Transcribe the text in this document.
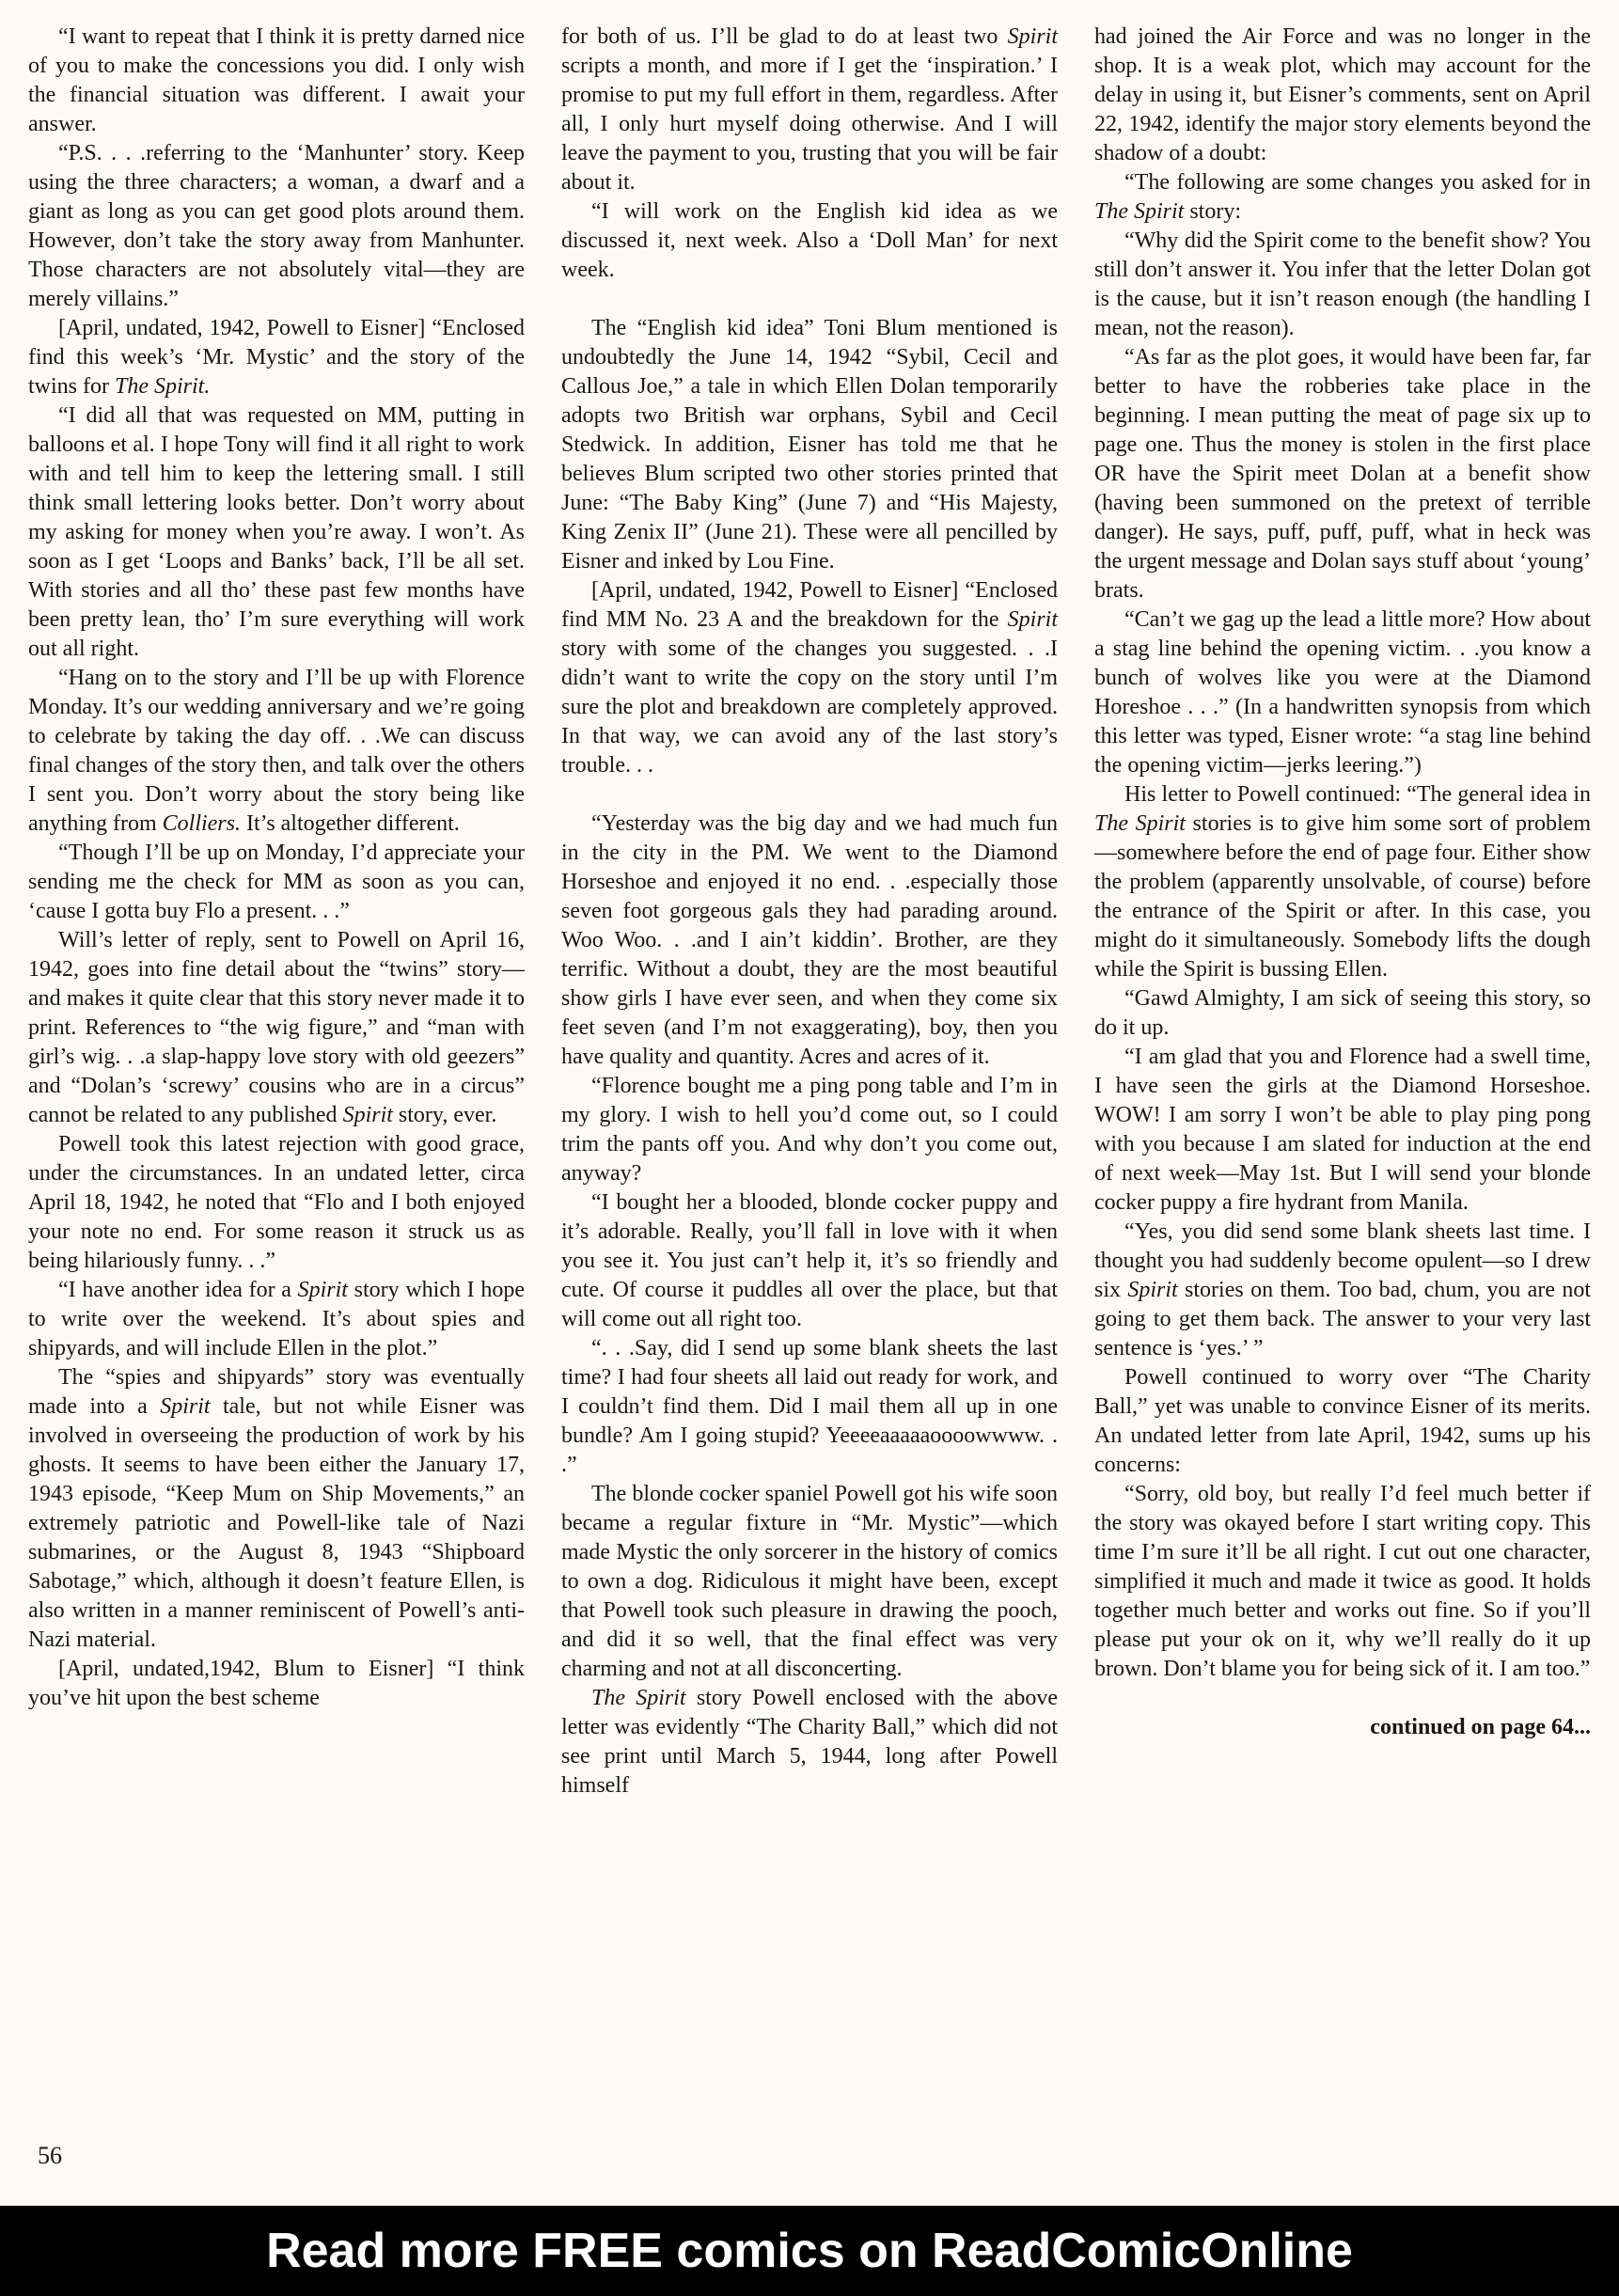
“I want to repeat that I think it is pretty darned nice of you to make the concessions you did. I only wish the financial situation was different. I await your answer.

“P.S. . . .referring to the ‘Manhunter’ story. Keep using the three characters; a woman, a dwarf and a giant as long as you can get good plots around them. However, don’t take the story away from Manhunter. Those characters are not absolutely vital—they are merely villains.”

[April, undated, 1942, Powell to Eisner] “Enclosed find this week’s ‘Mr. Mystic’ and the story of the twins for The Spirit.

“I did all that was requested on MM, putting in balloons et al. I hope Tony will find it all right to work with and tell him to keep the lettering small. I still think small lettering looks better. Don’t worry about my asking for money when you’re away. I won’t. As soon as I get ‘Loops and Banks’ back, I’ll be all set. With stories and all tho’ these past few months have been pretty lean, tho’ I’m sure everything will work out all right.

“Hang on to the story and I’ll be up with Florence Monday. It’s our wedding anniversary and we’re going to celebrate by taking the day off. . .We can discuss final changes of the story then, and talk over the others I sent you. Don’t worry about the story being like anything from Colliers. It’s altogether different.

“Though I’ll be up on Monday, I’d appreciate your sending me the check for MM as soon as you can, ‘cause I gotta buy Flo a present. . .”

Will’s letter of reply, sent to Powell on April 16, 1942, goes into fine detail about the “twins” story—and makes it quite clear that this story never made it to print. References to “the wig figure,” and “man with girl’s wig. . .a slap-happy love story with old geezers” and “Dolan’s ‘screwy’ cousins who are in a circus” cannot be related to any published Spirit story, ever.

Powell took this latest rejection with good grace, under the circumstances. In an undated letter, circa April 18, 1942, he noted that “Flo and I both enjoyed your note no end. For some reason it struck us as being hilariously funny. . .”

“I have another idea for a Spirit story which I hope to write over the weekend. It’s about spies and shipyards, and will include Ellen in the plot.”

The “spies and shipyards” story was eventually made into a Spirit tale, but not while Eisner was involved in overseeing the production of work by his ghosts. It seems to have been either the January 17, 1943 episode, “Keep Mum on Ship Movements,” an extremely patriotic and Powell-like tale of Nazi submarines, or the August 8, 1943 “Shipboard Sabotage,” which, although it doesn’t feature Ellen, is also written in a manner reminiscent of Powell’s anti-Nazi material.

[April, undated,1942, Blum to Eisner] “I think you’ve hit upon the best scheme

for both of us. I’ll be glad to do at least two Spirit scripts a month, and more if I get the ‘inspiration.’ I promise to put my full effort in them, regardless. After all, I only hurt myself doing otherwise. And I will leave the payment to you, trusting that you will be fair about it.

“I will work on the English kid idea as we discussed it, next week. Also a ‘Doll Man’ for next week.

The “English kid idea” Toni Blum mentioned is undoubtedly the June 14, 1942 “Sybil, Cecil and Callous Joe,” a tale in which Ellen Dolan temporarily adopts two British war orphans, Sybil and Cecil Stedwick. In addition, Eisner has told me that he believes Blum scripted two other stories printed that June: “The Baby King” (June 7) and “His Majesty, King Zenix II” (June 21). These were all pencilled by Eisner and inked by Lou Fine.

[April, undated, 1942, Powell to Eisner] “Enclosed find MM No. 23 A and the breakdown for the Spirit story with some of the changes you suggested. . .I didn’t want to write the copy on the story until I’m sure the plot and breakdown are completely approved. In that way, we can avoid any of the last story’s trouble. . .

“Yesterday was the big day and we had much fun in the city in the PM. We went to the Diamond Horseshoe and enjoyed it no end. . .especially those seven foot gorgeous gals they had parading around. Woo Woo. . .and I ain’t kiddin’. Brother, are they terrific. Without a doubt, they are the most beautiful show girls I have ever seen, and when they come six feet seven (and I’m not exaggerating), boy, then you have quality and quantity. Acres and acres of it.

“Florence bought me a ping pong table and I’m in my glory. I wish to hell you’d come out, so I could trim the pants off you. And why don’t you come out, anyway?

“I bought her a blooded, blonde cocker puppy and it’s adorable. Really, you’ll fall in love with it when you see it. You just can’t help it, it’s so friendly and cute. Of course it puddles all over the place, but that will come out all right too.

“. . .Say, did I send up some blank sheets the last time? I had four sheets all laid out ready for work, and I couldn’t find them. Did I mail them all up in one bundle? Am I going stupid? Yeeeeaaaaaoooowwww. . .”

The blonde cocker spaniel Powell got his wife soon became a regular fixture in “Mr. Mystic”—which made Mystic the only sorcerer in the history of comics to own a dog. Ridiculous it might have been, except that Powell took such pleasure in drawing the pooch, and did it so well, that the final effect was very charming and not at all disconcerting.

The Spirit story Powell enclosed with the above letter was evidently “The Charity Ball,” which did not see print until March 5, 1944, long after Powell himself

had joined the Air Force and was no longer in the shop. It is a weak plot, which may account for the delay in using it, but Eisner’s comments, sent on April 22, 1942, identify the major story elements beyond the shadow of a doubt:

“The following are some changes you asked for in The Spirit story:

“Why did the Spirit come to the benefit show? You still don’t answer it. You infer that the letter Dolan got is the cause, but it isn’t reason enough (the handling I mean, not the reason).

“As far as the plot goes, it would have been far, far better to have the robberies take place in the beginning. I mean putting the meat of page six up to page one. Thus the money is stolen in the first place OR have the Spirit meet Dolan at a benefit show (having been summoned on the pretext of terrible danger). He says, puff, puff, puff, what in heck was the urgent message and Dolan says stuff about ‘young’ brats.

“Can’t we gag up the lead a little more? How about a stag line behind the opening victim. . .you know a bunch of wolves like you were at the Diamond Horeshoe . . .” (In a handwritten synopsis from which this letter was typed, Eisner wrote: “a stag line behind the opening victim—jerks leering.”)

His letter to Powell continued: “The general idea in The Spirit stories is to give him some sort of problem—somewhere before the end of page four. Either show the problem (apparently unsolvable, of course) before the entrance of the Spirit or after. In this case, you might do it simultaneously. Somebody lifts the dough while the Spirit is bussing Ellen.

“Gawd Almighty, I am sick of seeing this story, so do it up.

“I am glad that you and Florence had a swell time, I have seen the girls at the Diamond Horseshoe. WOW! I am sorry I won’t be able to play ping pong with you because I am slated for induction at the end of next week—May 1st. But I will send your blonde cocker puppy a fire hydrant from Manila.

“Yes, you did send some blank sheets last time. I thought you had suddenly become opulent—so I drew six Spirit stories on them. Too bad, chum, you are not going to get them back. The answer to your very last sentence is ‘yes.’ ”

Powell continued to worry over “The Charity Ball,” yet was unable to convince Eisner of its merits. An undated letter from late April, 1942, sums up his concerns:

“Sorry, old boy, but really I’d feel much better if the story was okayed before I start writing copy. This time I’m sure it’ll be all right. I cut out one character, simplified it much and made it twice as good. It holds together much better and works out fine. So if you’ll please put your ok on it, why we’ll really do it up brown. Don’t blame you for being sick of it. I am too.”

continued on page 64...

56
Read more FREE comics on ReadComicOnline
